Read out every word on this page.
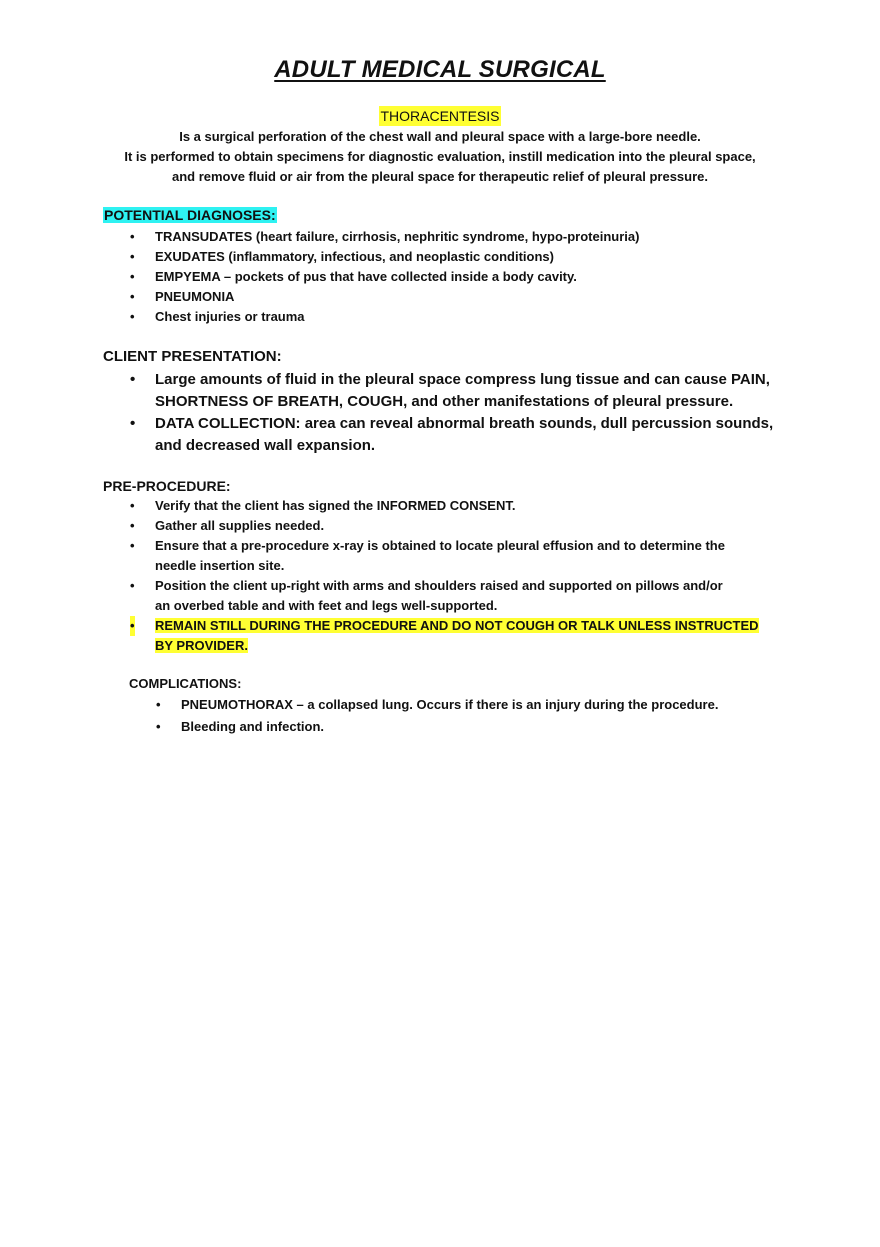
ADULT MEDICAL SURGICAL
THORACENTESIS
Is a surgical perforation of the chest wall and pleural space with a large-bore needle.
It is performed to obtain specimens for diagnostic evaluation, instill medication into the pleural space,
and remove fluid or air from the pleural space for therapeutic relief of pleural pressure.
POTENTIAL DIAGNOSES:
• TRANSUDATES (heart failure, cirrhosis, nephritic syndrome, hypo-proteinuria)
• EXUDATES (inflammatory, infectious, and neoplastic conditions)
• EMPYEMA – pockets of pus that have collected inside a body cavity.
• PNEUMONIA
• Chest injuries or trauma
CLIENT PRESENTATION:
• Large amounts of fluid in the pleural space compress lung tissue and can cause PAIN,
SHORTNESS OF BREATH, COUGH, and other manifestations of pleural pressure.
• DATA COLLECTION: area can reveal abnormal breath sounds, dull percussion sounds,
and decreased wall expansion.
PRE-PROCEDURE:
• Verify that the client has signed the INFORMED CONSENT.
• Gather all supplies needed.
• Ensure that a pre-procedure x-ray is obtained to locate pleural effusion and to determine the
needle insertion site.
• Position the client up-right with arms and shoulders raised and supported on pillows and/or
an overbed table and with feet and legs well-supported.
• REMAIN STILL DURING THE PROCEDURE AND DO NOT COUGH OR TALK UNLESS INSTRUCTED
BY PROVIDER.
COMPLICATIONS:
• PNEUMOTHORAX – a collapsed lung. Occurs if there is an injury during the procedure.
• Bleeding and infection.
